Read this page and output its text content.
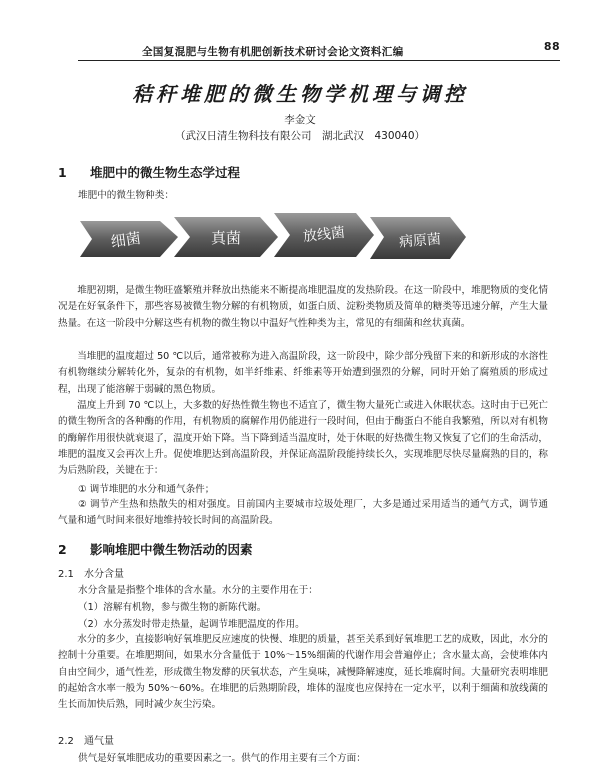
全国复混肥与生物有机肥创新技术研讨会论文资料汇编	88
秸秆堆肥的微生物学机理与调控
李金文
（武汉日清生物科技有限公司　湖北武汉　430040）
1 堆肥中的微生物生态学过程
堆肥中的微生物种类：
细菌	真菌	放线菌	病原菌
堆肥初期，是微生物旺盛繁殖并释放出热能来不断提高堆肥温度的发热阶段。在这一阶段中，堆肥物质的变化情况是在好氧条件下，那些容易被微生物分解的有机物质，如蛋白质、淀粉类物质及简单的糖类等迅速分解，产生大量热量。在这一阶段中分解这些有机物的微生物以中温好气性种类为主，常见的有细菌和丝状真菌。
当堆肥的温度超过 50 ℃以后，通常被称为进入高温阶段，这一阶段中，除少部分残留下来的和新形成的水溶性有机物继续分解转化外，复杂的有机物，如半纤维素、纤维素等开始遭到强烈的分解，同时开始了腐殖质的形成过程，出现了能溶解于弱碱的黑色物质。
温度上升到 70 ℃以上，大多数的好热性微生物也不适宜了，微生物大量死亡或进入休眠状态。这时由于已死亡的微生物所含的各种酶的作用，有机物质的腐解作用仍能进行一段时间，但由于酶蛋白不能自我繁殖，所以对有机物的酶解作用很快就衰退了，温度开始下降。当下降到适当温度时，处于休眠的好热微生物又恢复了它们的生命活动，堆肥的温度又会再次上升。促使堆肥达到高温阶段，并保证高温阶段能持续长久，实现堆肥尽快尽量腐熟的目的，称为后熟阶段，关键在于：
① 调节堆肥的水分和通气条件；
② 调节产生热和热散失的相对强度。目前国内主要城市垃圾处理厂，大多是通过采用适当的通气方式，调节通气量和通气时间来很好地维持较长时间的高温阶段。
2 影响堆肥中微生物活动的因素
2.1 水分含量
水分含量是指整个堆体的含水量。水分的主要作用在于：
（1）溶解有机物，参与微生物的新陈代谢。
（2）水分蒸发时带走热量，起调节堆肥温度的作用。
水分的多少，直接影响好氧堆肥反应速度的快慢、堆肥的质量，甚至关系到好氧堆肥工艺的成败，因此，水分的控制十分重要。在堆肥期间，如果水分含量低于 10%～15%细菌的代谢作用会普遍停止；含水量太高，会使堆体内自由空间少，通气性差，形成微生物发酵的厌氧状态，产生臭味，减慢降解速度，延长堆腐时间。大量研究表明堆肥的起始含水率一般为 50%～60%。在堆肥的后熟期阶段，堆体的湿度也应保持在一定水平，以利于细菌和放线菌的生长而加快后熟，同时减少灰尘污染。
2.2 通气量
供气是好氧堆肥成功的重要因素之一。供气的作用主要有三个方面：
